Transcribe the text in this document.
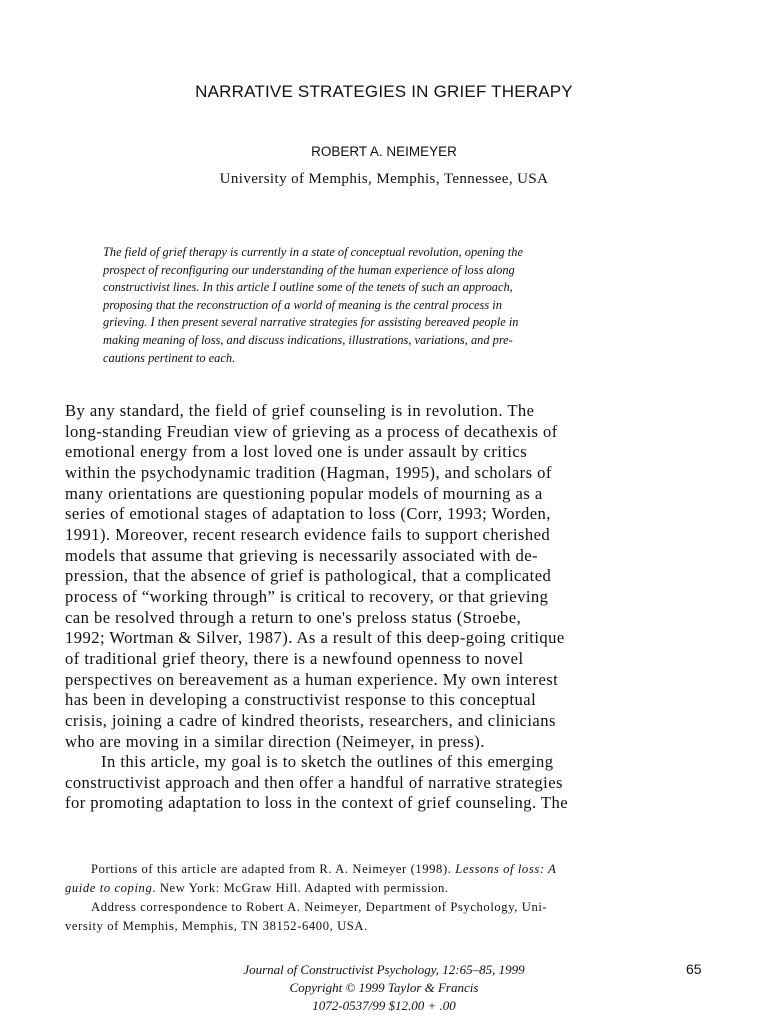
NARRATIVE STRATEGIES IN GRIEF THERAPY
ROBERT A. NEIMEYER
University of Memphis, Memphis, Tennessee, USA
The field of grief therapy is currently in a state of conceptual revolution, opening the
prospect of reconfiguring our understanding of the human experience of loss along
constructivist lines. In this article I outline some of the tenets of such an approach,
proposing that the reconstruction of a world of meaning is the central process in
grieving. I then present several narrative strategies for assisting bereaved people in
making meaning of loss, and discuss indications, illustrations, variations, and pre-
cautions pertinent to each.
By any standard, the field of grief counseling is in revolution. The
long-standing Freudian view of grieving as a process of decathexis of
emotional energy from a lost loved one is under assault by critics
within the psychodynamic tradition (Hagman, 1995), and scholars of
many orientations are questioning popular models of mourning as a
series of emotional stages of adaptation to loss (Corr, 1993; Worden,
1991). Moreover, recent research evidence fails to support cherished
models that assume that grieving is necessarily associated with de-
pression, that the absence of grief is pathological, that a complicated
process of “working through” is critical to recovery, or that grieving
can be resolved through a return to one's preloss status (Stroebe,
1992; Wortman & Silver, 1987). As a result of this deep-going critique
of traditional grief theory, there is a newfound openness to novel
perspectives on bereavement as a human experience. My own interest
has been in developing a constructivist response to this conceptual
crisis, joining a cadre of kindred theorists, researchers, and clinicians
who are moving in a similar direction (Neimeyer, in press).
In this article, my goal is to sketch the outlines of this emerging
constructivist approach and then offer a handful of narrative strategies
for promoting adaptation to loss in the context of grief counseling. The
Portions of this article are adapted from R. A. Neimeyer (1998). Lessons of loss: A
guide to coping. New York: McGraw Hill. Adapted with permission.
Address correspondence to Robert A. Neimeyer, Department of Psychology, Uni-
versity of Memphis, Memphis, TN 38152-6400, USA.
Journal of Constructivist Psychology, 12:65–85, 1999
Copyright © 1999 Taylor & Francis
1072-0537/99 $12.00 + .00
65
